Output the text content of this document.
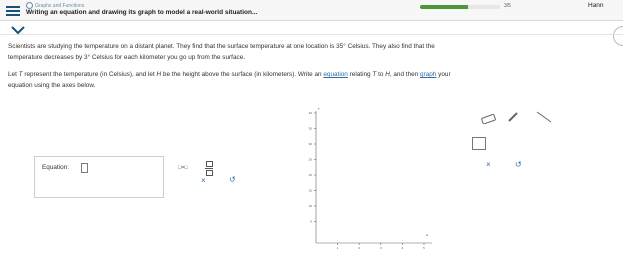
Graphs and Functions
Writing an equation and drawing its graph to model a real-world situation...
3/5	Hann

Scientists are studying the temperature on a distant planet. They find that the surface temperature at one location is 35° Celsius. They also find that the
temperature decreases by 3° Celsius for each kilometer you go up from the surface.

Let T represent the temperature (in Celsius), and let H be the height above the surface (in kilometers). Write an equation relating T to H, and then graph your
equation using the axes below.

Equation:	□=□
×	↺
T
H
40
35
30
25
20
15
10
5
1	2	3	4	5
×	↺
